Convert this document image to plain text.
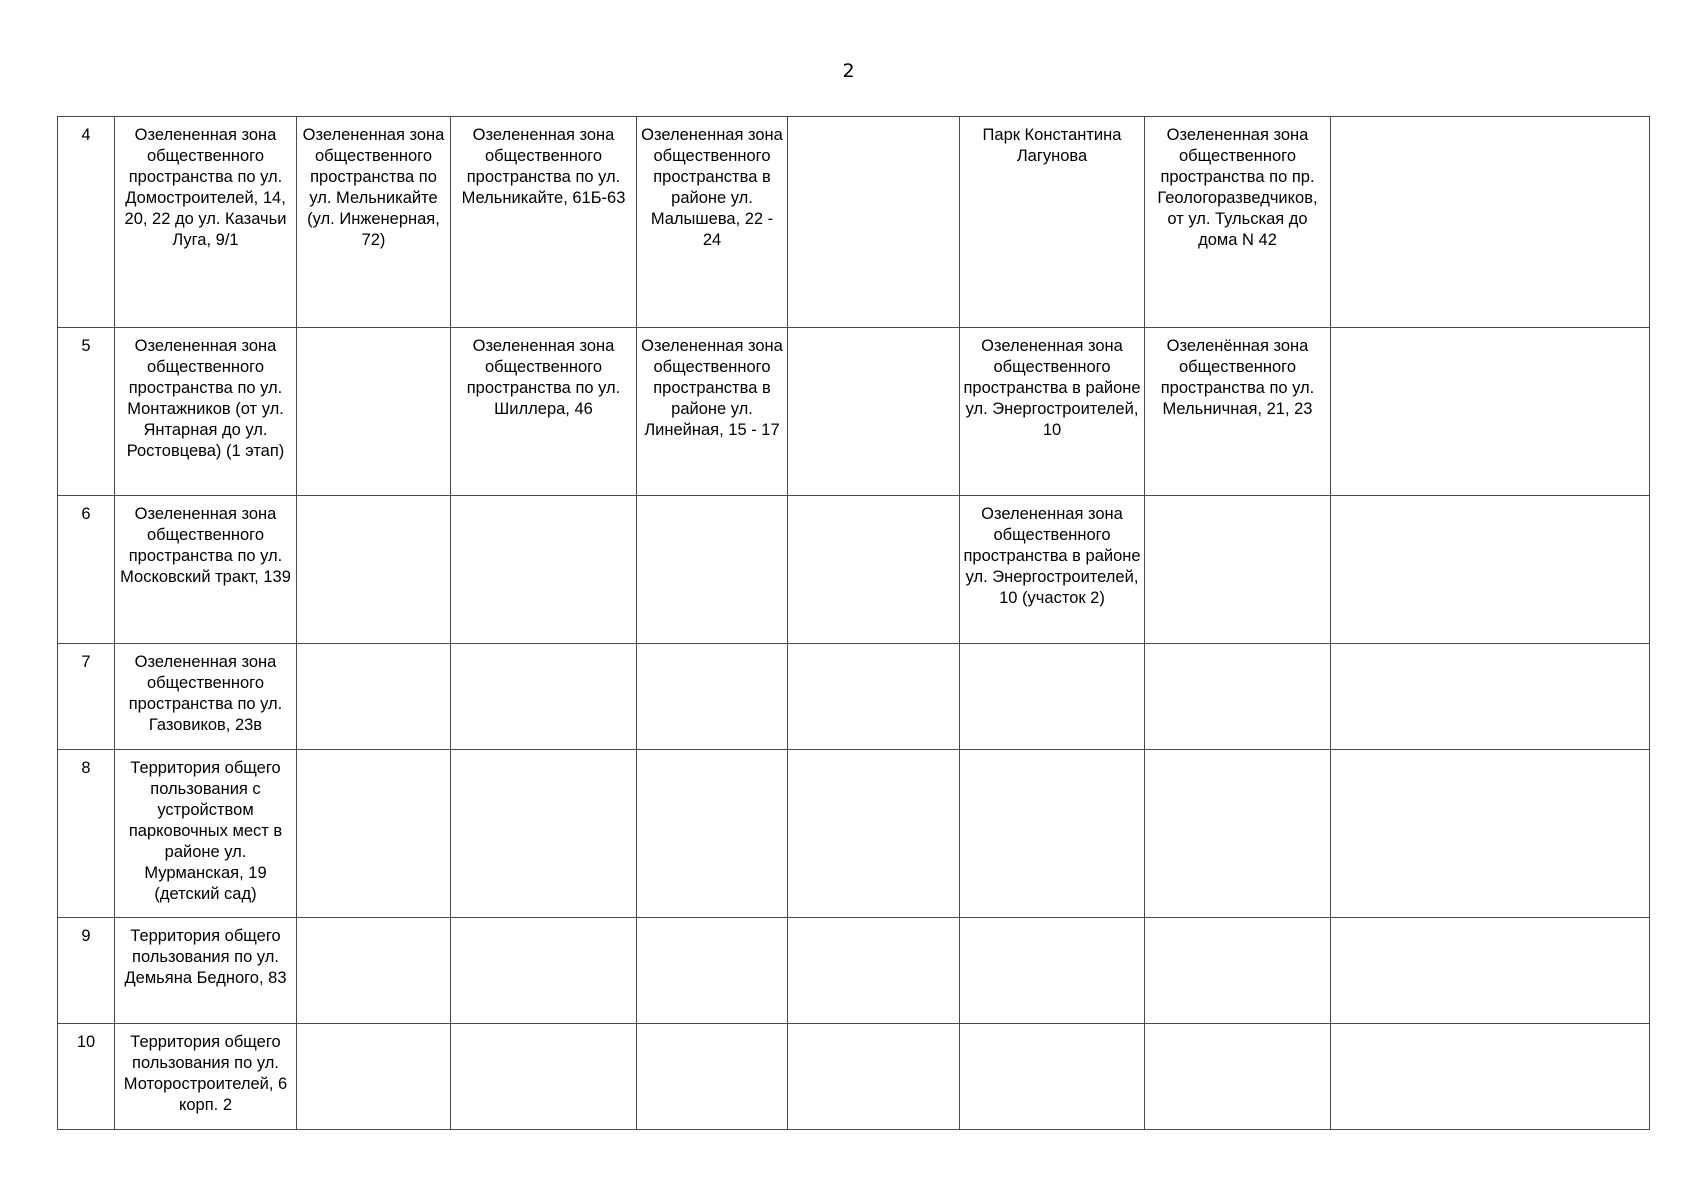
2
4	Озелененная зона общественного пространства по ул. Домостроителей, 14, 20, 22 до ул. Казачьи Луга, 9/1	Озелененная зона общественного пространства по ул. Мельникайте (ул. Инженерная, 72)	Озелененная зона общественного пространства по ул. Мельникайте, 61Б-63	Озелененная зона общественного пространства в районе ул. Малышева, 22 - 24		Парк Константина Лагунова	Озелененная зона общественного пространства по пр. Геологоразведчиков, от ул. Тульская до дома N 42	
5	Озелененная зона общественного пространства по ул. Монтажников (от ул. Янтарная до ул. Ростовцева) (1 этап)		Озелененная зона общественного пространства по ул. Шиллера, 46	Озелененная зона общественного пространства в районе ул. Линейная, 15 - 17		Озелененная зона общественного пространства в районе ул. Энергостроителей, 10	Озеленённая зона общественного пространства по ул. Мельничная, 21, 23	
6	Озелененная зона общественного пространства по ул. Московский тракт, 139					Озелененная зона общественного пространства в районе ул. Энергостроителей, 10 (участок 2)		
7	Озелененная зона общественного пространства по ул. Газовиков, 23в							
8	Территория общего пользования с устройством парковочных мест в районе ул. Мурманская, 19 (детский сад)							
9	Территория общего пользования по ул. Демьяна Бедного, 83							
10	Территория общего пользования по ул. Моторостроителей, 6 корп. 2							
